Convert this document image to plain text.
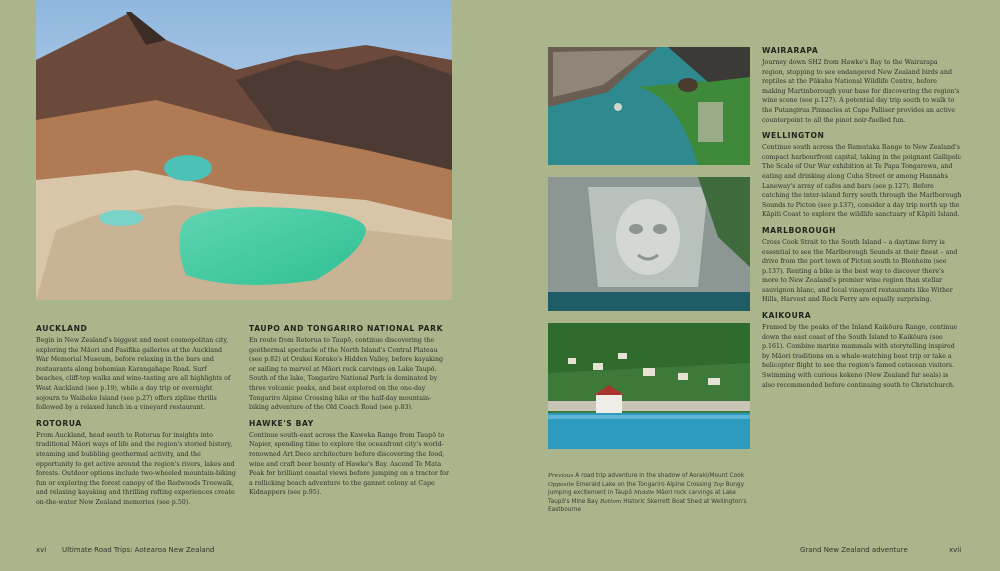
AUCKLAND

Begin in New Zealand's biggest and most cosmopolitan city, exploring the Māori and Pasifika galleries at the Auckland War Memorial Museum, before relaxing in the bars and restaurants along bohemian Karangahape Road. Surf beaches, cliff-top walks and wine-tasting are all highlights of West Auckland (see p.19), while a day trip or overnight sojourn to Waiheke Island (see p.27) offers zipline thrills followed by a relaxed lunch in a vineyard restaurant.

ROTORUA

From Auckland, head south to Rotorua for insights into traditional Māori ways of life and the region's storied history, steaming and bubbling geothermal activity, and the opportunity to get active around the region's rivers, lakes and forests. Outdoor options include two-wheeled mountain-biking fun or exploring the forest canopy of the Redwoods Treewalk, and relaxing kayaking and thrilling rafting experiences create on-the-water New Zealand memories (see p.50).

TAUPO AND TONGARIRO NATIONAL PARK

En route from Rotorua to Taupō, continue discovering the geothermal spectacle of the North Island's Central Plateau (see p.82) at Orakei Korako's Hidden Valley, before kayaking or sailing to marvel at Māori rock carvings on Lake Taupō. South of the lake, Tongariro National Park is dominated by three volcanic peaks, and best explored on the one-day Tongariro Alpine Crossing hike or the half-day mountain-biking adventure of the Old Coach Road (see p.83).

HAWKE'S BAY

Continue south-east across the Kaweka Range from Taupō to Napier, spending time to explore the oceanfront city's world-renowned Art Deco architecture before discovering the food, wine and craft beer bounty of Hawke's Bay. Ascend Te Mata Peak for brilliant coastal views before jumping on a tractor for a rollicking beach adventure to the gannet colony at Cape Kidnappers (see p.95).

xvi Ultimate Road Trips: Aotearoa New Zealand
WAIRARAPA

Journey down SH2 from Hawke's Bay to the Wairarapa region, stopping to see endangered New Zealand birds and reptiles at the Pūkaha National Wildlife Centre, before making Martinborough your base for discovering the region's wine scene (see p.127). A potential day trip south to walk to the Putangirua Pinnacles at Cape Palliser provides an active counterpoint to all the pinot noir-fuelled fun.

WELLINGTON

Continue south across the Remutaka Range to New Zealand's compact harbourfront capital, taking in the poignant Gallipoli: The Scale of Our War exhibition at Te Papa Tongarewa, and eating and drinking along Cuba Street or among Hannahs Laneway's array of cafes and bars (see p.127). Before catching the inter-island ferry south through the Marlborough Sounds to Picton (see p.137), consider a day trip north up the Kāpiti Coast to explore the wildlife sanctuary of Kāpiti Island.

MARLBOROUGH

Cross Cook Strait to the South Island – a daytime ferry is essential to see the Marlborough Sounds at their finest – and drive from the port town of Picton south to Blenheim (see p.137). Renting a bike is the best way to discover there's more to New Zealand's premier wine region than stellar sauvignon blanc, and local vineyard restaurants like Wither Hills, Harvest and Rock Ferry are equally surprising.

KAIKOURA

Framed by the peaks of the Inland Kaikōura Range, continue down the east coast of the South Island to Kaikōura (see p.161). Combine marine mammals with storytelling inspired by Māori traditions on a whale-watching boat trip or take a helicopter flight to see the region's famed cetacean visitors. Swimming with curious kekeno (New Zealand fur seals) is also recommended before continuing south to Christchurch.

Previous A road trip adventure in the shadow of Aoraki/Mount Cook Opposite Emerald Lake on the Tongariro Alpine Crossing Top Bungy jumping excitement in Taupō Middle Māori rock carvings at Lake Taupō's Mine Bay Bottom Historic Skerrett Boat Shed at Wellington's Eastbourne
Grand New Zealand adventure	xvii
